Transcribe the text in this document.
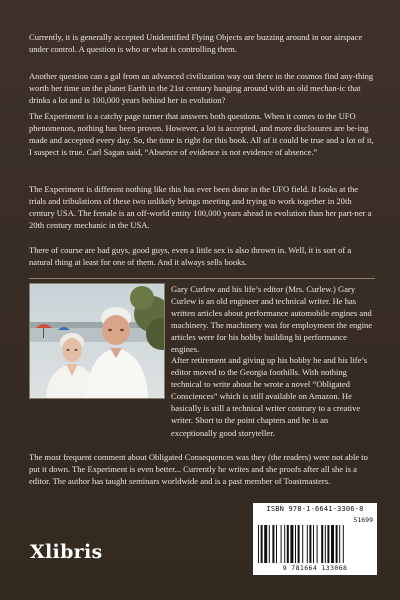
Currently, it is generally accepted Unidentified Flying Objects are buzzing around in our airspace under control. A question is who or what is controlling them.

Another question can a gal from an advanced civilization way out there in the cosmos find any-thing worth her time on the planet Earth in the 21st century hanging around with an old mechan-ic that drinks a lot and is 100,000 years behind her in evolution?

The Experiment is a catchy page turner that answers both questions. When it comes to the UFO phenomenon, nothing has been proven. However, a lot is accepted, and more disclosures are be-ing made and accepted every day. So, the time is right for this book. All of it could be true and a lot of it, I suspect is true. Carl Sagan said, “Absence of evidence is not evidence of absence.”

The Experiment is different nothing like this has ever been done in the UFO field. It looks at the trials and tribulations of these two unlikely beings meeting and trying to work together in 20th century USA. The female is an off-world entity 100,000 years ahead in evolution than her part-ner a 20th century mechanic in the USA.

There of course are bad guys, good guys, even a little sex is also thrown in. Well, it is sort of a natural thing at least for one of them. And it always sells books.

Gary Curlew and his life’s editor (Mrs. Curlew.) Gary Curlew is an old engineer and technical writer. He has written articles about performance automobile engines and machinery. The machinery was for employment the engine articles were for his hobby building hi performance engines.

After retirement and giving up his hobby he and his life’s editor moved to the Georgia foothills. With nothing technical to write about he wrote a novel “Obligated Consciences” which is still available on Amazon. He basically is still a technical writer contrary to a creative writer. Short to the point chapters and he is an exceptionally good storyteller.

The most frequent comment about Obligated Consequences was they (the readers) were not able to put it down. The Experiment is even better... Currently he writes and she proofs after all she is a editor. The author has taught seminars worldwide and is a past member of Toastmasters.

Xlibris
ISBN 978-1-6641-3306-8
51699
9 781664 133068
